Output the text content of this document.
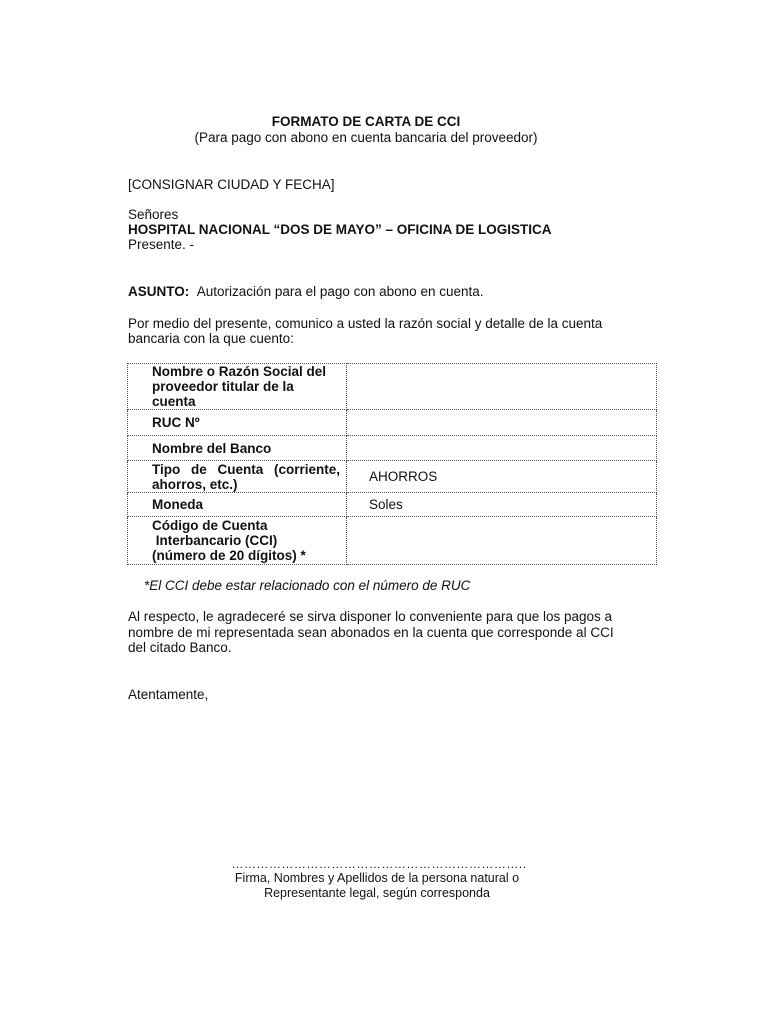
FORMATO DE CARTA DE CCI
(Para pago con abono en cuenta bancaria del proveedor)
[CONSIGNAR CIUDAD Y FECHA]
Señores
HOSPITAL NACIONAL “DOS DE MAYO” – OFICINA DE LOGISTICA
Presente. -
ASUNTO: Autorización para el pago con abono en cuenta.
Por medio del presente, comunico a usted la razón social y detalle de la cuenta
bancaria con la que cuento:
Nombre o Razón Social del
proveedor titular de la
cuenta	

RUC Nº	

Nombre del Banco	

Tipo de Cuenta (corriente,
ahorros, etc.)	AHORROS

Moneda	Soles

Código de Cuenta
Interbancario (CCI)
(número de 20 dígitos) *	

*El CCI debe estar relacionado con el número de RUC
Al respecto, le agradeceré se sirva disponer lo conveniente para que los pagos a
nombre de mi representada sean abonados en la cuenta que corresponde al CCI
del citado Banco.
Atentamente,
……………………………………………………………..
Firma, Nombres y Apellidos de la persona natural o
Representante legal, según corresponda
